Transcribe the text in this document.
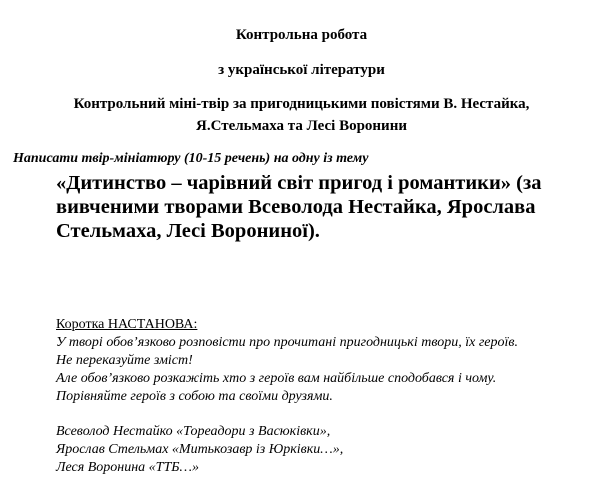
Контрольна робота

з української літератури

Контрольний міні-твір за пригодницькими повістями В. Нестайка,

Я.Стельмаха та Лесі Воронини

Написати твір-мініатюру (10-15 речень) на одну із тему

«Дитинство – чарівний світ пригод і романтики» (за

вивченими творами Всеволода Нестайка, Ярослава

Стельмаха, Лесі Ворониної).

Коротка НАСТАНОВА:

У творі обов’язково розповісти про прочитані пригодницькі твори, їх героїв.

Не переказуйте зміст!

Але обов’язково розкажіть хто з героїв вам найбільше сподобався і чому.

Порівняйте героїв з собою та своїми друзями.

Всеволод Нестайко «Тореадори з Васюківки»,

Ярослав Стельмах «Митькозавр із Юрківки…»,

Леся Воронина «ТТБ…»
